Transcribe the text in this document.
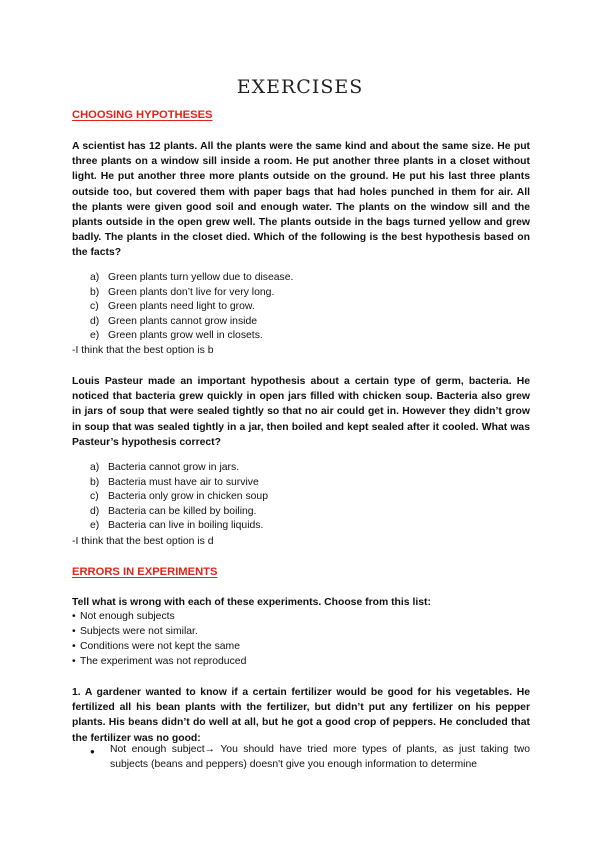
EXERCISES
CHOOSING HYPOTHESES
A scientist has 12 plants. All the plants were the same kind and about the same size. He put three plants on a window sill inside a room. He put another three plants in a closet without light. He put another three more plants outside on the ground. He put his last three plants outside too, but covered them with paper bags that had holes punched in them for air. All the plants were given good soil and enough water. The plants on the window sill and the plants outside in the open grew well. The plants outside in the bags turned yellow and grew badly. The plants in the closet died. Which of the following is the best hypothesis based on the facts?
a) Green plants turn yellow due to disease.
b) Green plants don’t live for very long.
c) Green plants need light to grow.
d) Green plants cannot grow inside
e) Green plants grow well in closets.
-I think that the best option is b
Louis Pasteur made an important hypothesis about a certain type of germ, bacteria. He noticed that bacteria grew quickly in open jars filled with chicken soup. Bacteria also grew in jars of soup that were sealed tightly so that no air could get in. However they didn’t grow in soup that was sealed tightly in a jar, then boiled and kept sealed after it cooled. What was Pasteur’s hypothesis correct?
a) Bacteria cannot grow in jars.
b) Bacteria must have air to survive
c) Bacteria only grow in chicken soup
d) Bacteria can be killed by boiling.
e) Bacteria can live in boiling liquids.
-I think that the best option is d
ERRORS IN EXPERIMENTS
Tell what is wrong with each of these experiments. Choose from this list:
• Not enough subjects
• Subjects were not similar.
• Conditions were not kept the same
• The experiment was not reproduced
1. A gardener wanted to know if a certain fertilizer would be good for his vegetables. He fertilized all his bean plants with the fertilizer, but didn’t put any fertilizer on his pepper plants. His beans didn’t do well at all, but he got a good crop of peppers. He concluded that the fertilizer was no good:
●	Not enough subject→ You should have tried more types of plants, as just taking two subjects (beans and peppers) doesn't give you enough information to determine
